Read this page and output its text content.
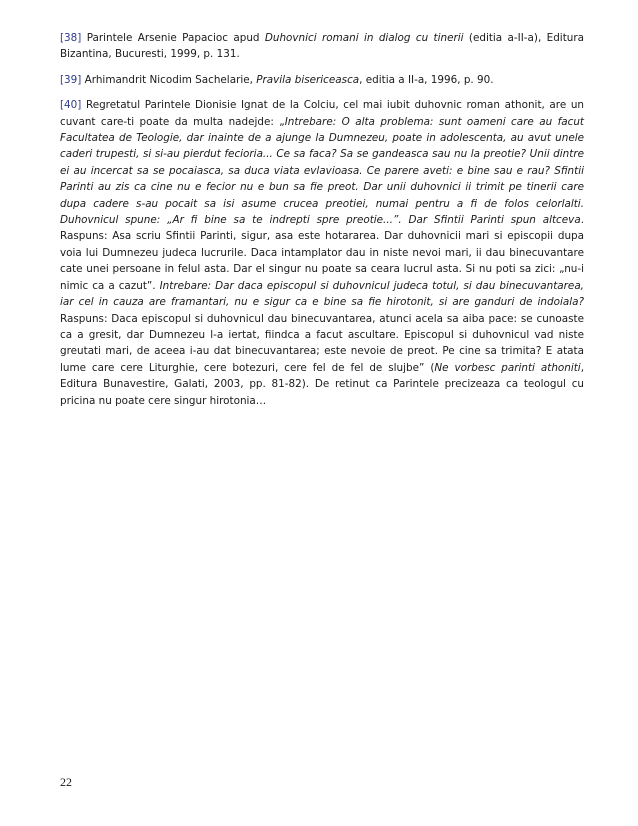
[38] Parintele Arsenie Papacioc apud Duhovnici romani in dialog cu tinerii (editia a-II-a), Editura Bizantina, Bucuresti, 1999, p. 131.

[39] Arhimandrit Nicodim Sachelarie, Pravila bisericeasca, editia a II-a, 1996, p. 90.

[40] Regretatul Parintele Dionisie Ignat de la Colciu, cel mai iubit duhovnic roman athonit, are un cuvant care-ti poate da multa nadejde: „Intrebare: O alta problema: sunt oameni care au facut Facultatea de Teologie, dar inainte de a ajunge la Dumnezeu, poate in adolescenta, au avut unele caderi trupesti, si si-au pierdut fecioria... Ce sa faca? Sa se gandeasca sau nu la preotie? Unii dintre ei au incercat sa se pocaiasca, sa duca viata evlavioasa. Ce parere aveti: e bine sau e rau? Sfintii Parinti au zis ca cine nu e fecior nu e bun sa fie preot. Dar unii duhovnici ii trimit pe tinerii care dupa cadere s-au pocait sa isi asume crucea preotiei, numai pentru a fi de folos celorlalti. Duhovnicul spune: „Ar fi bine sa te indrepti spre preotie...”. Dar Sfintii Parinti spun altceva. Raspuns: Asa scriu Sfintii Parinti, sigur, asa este hotararea. Dar duhovnicii mari si episcopii dupa voia lui Dumnezeu judeca lucrurile. Daca intamplator dau in niste nevoi mari, ii dau binecuvantare cate unei persoane in felul asta. Dar el singur nu poate sa ceara lucrul asta. Si nu poti sa zici: „nu-i nimic ca a cazut”. Intrebare: Dar daca episcopul si duhovnicul judeca totul, si dau binecuvantarea, iar cel in cauza are framantari, nu e sigur ca e bine sa fie hirotonit, si are ganduri de indoiala? Raspuns: Daca episcopul si duhovnicul dau binecuvantarea, atunci acela sa aiba pace: se cunoaste ca a gresit, dar Dumnezeu l-a iertat, fiindca a facut ascultare. Episcopul si duhovnicul vad niste greutati mari, de aceea i-au dat binecuvantarea; este nevoie de preot. Pe cine sa trimita? E atata lume care cere Liturghie, cere botezuri, cere fel de fel de slujbe” (Ne vorbesc parinti athoniti, Editura Bunavestire, Galati, 2003, pp. 81-82). De retinut ca Parintele precizeaza ca teologul cu pricina nu poate cere singur hirotonia…

22
